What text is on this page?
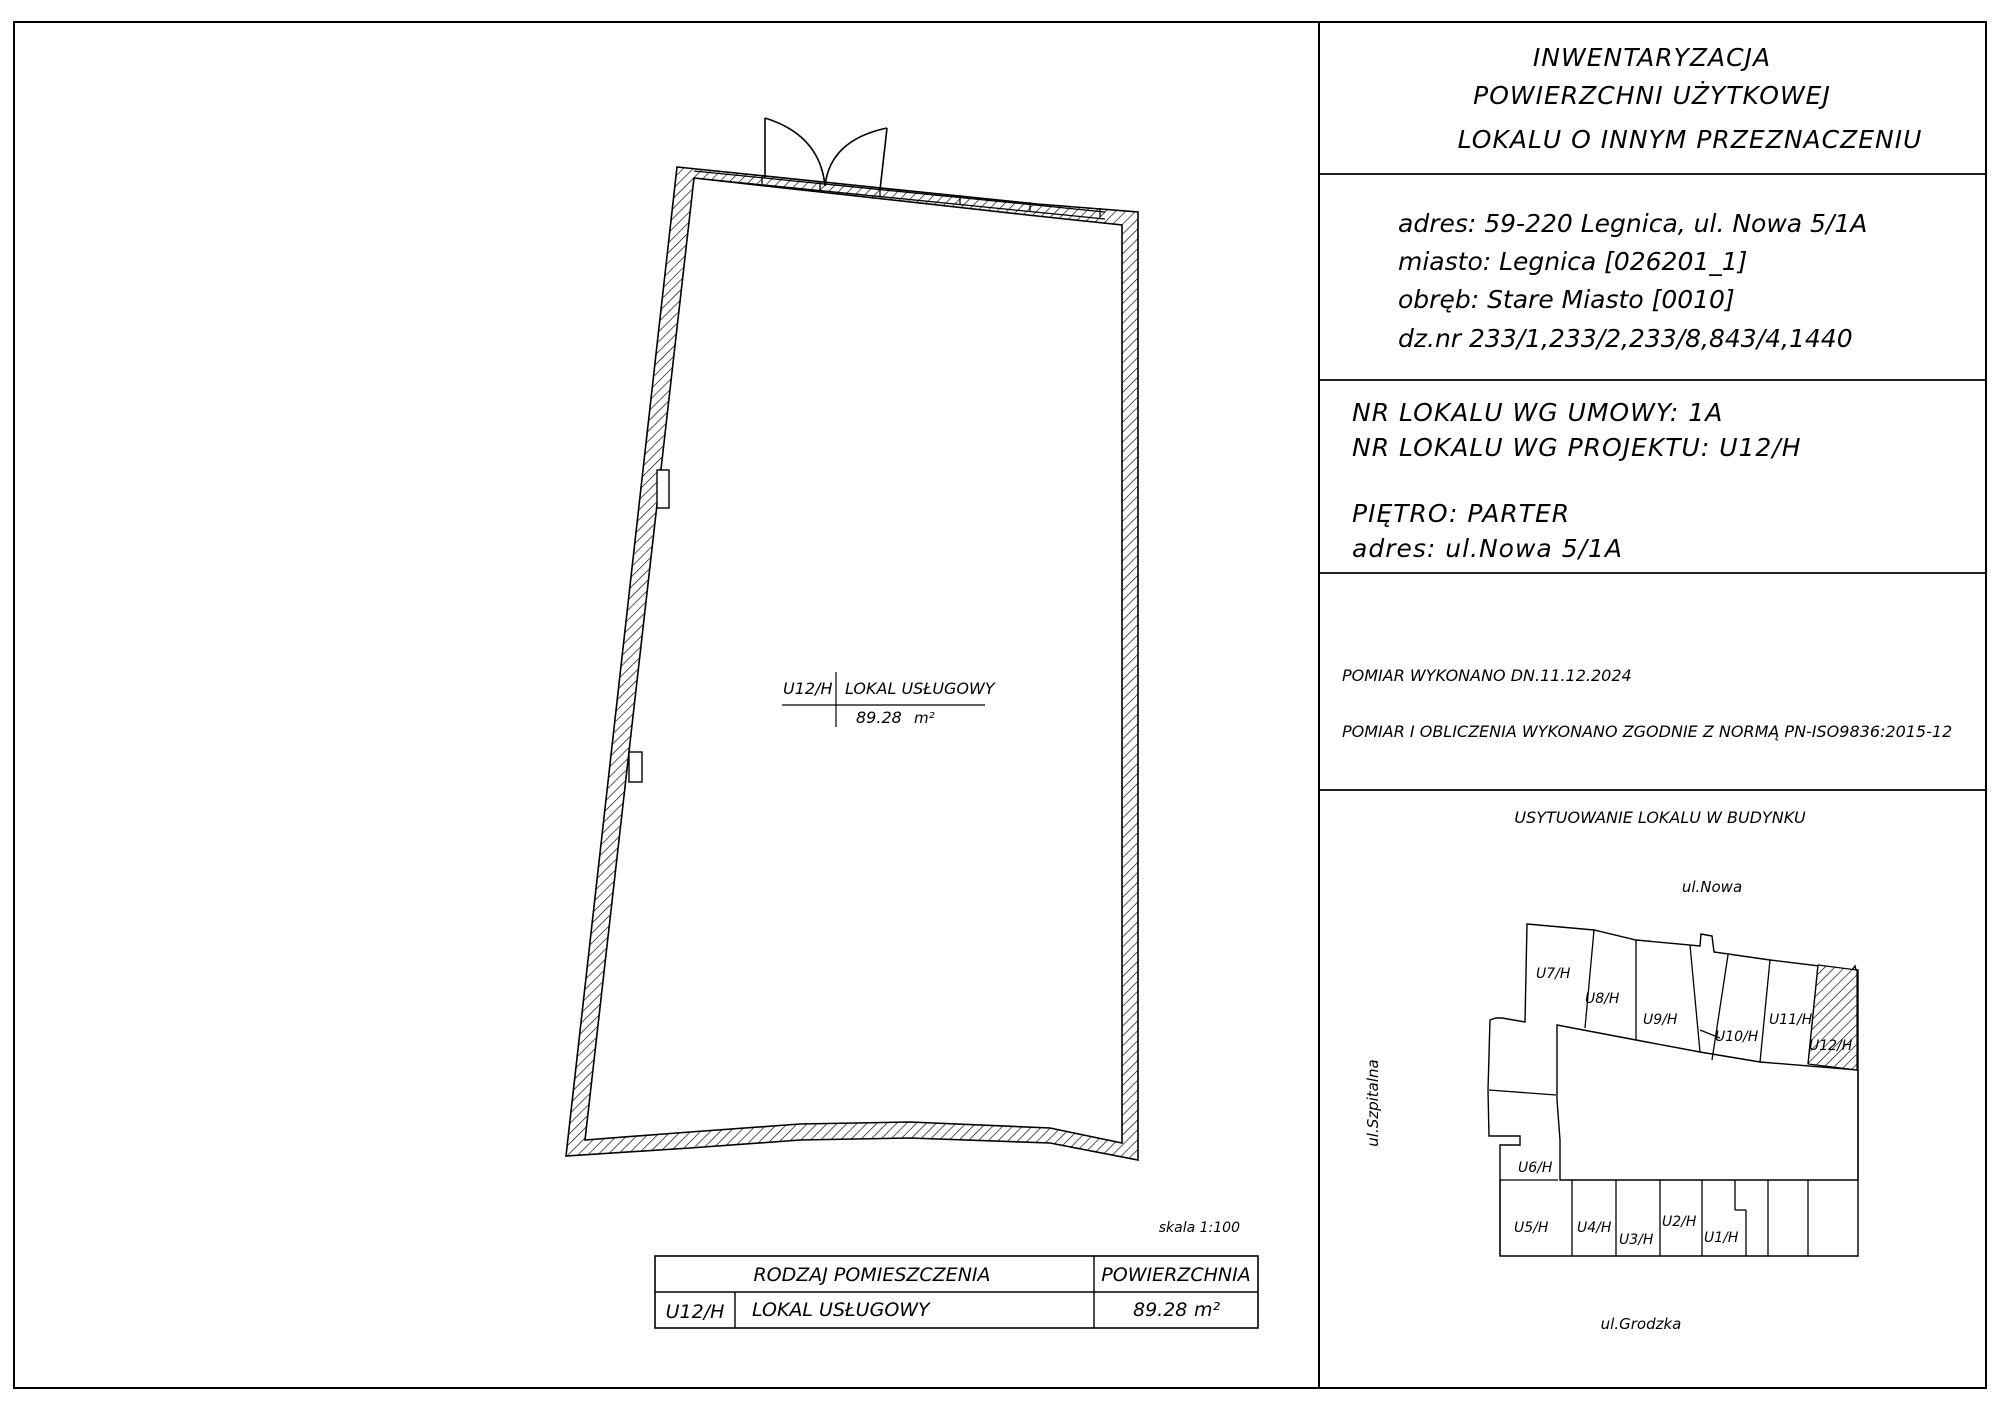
INWENTARYZACJA
POWIERZCHNI UŻYTKOWEJ
LOKALU O INNYM PRZEZNACZENIU
adres: 59-220 Legnica, ul. Nowa 5/1A
miasto: Legnica [026201_1]
obręb: Stare Miasto [0010]
dz.nr 233/1,233/2,233/8,843/4,1440
NR LOKALU WG UMOWY: 1A
NR LOKALU WG PROJEKTU: U12/H
PIĘTRO: PARTER
adres: ul.Nowa 5/1A
POMIAR WYKONANO DN.11.12.2024
POMIAR I OBLICZENIA WYKONANO ZGODNIE Z NORMĄ PN-ISO9836:2015-12
USYTUOWANIE LOKALU W BUDYNKU
ul.Nowa
ul.Szpitalna
ul.Grodzka
U7/H
U8/H
U9/H
U10/H
U11/H
U12/H
U6/H
U5/H U4/H
U3/H
U2/H
U1/H
U12/H LOKAL USŁUGOWY
89.28 m²
skala 1:100
RODZAJ POMIESZCZENIA	POWIERZCHNIA
U12/H LOKAL USŁUGOWY	89.28 m²
